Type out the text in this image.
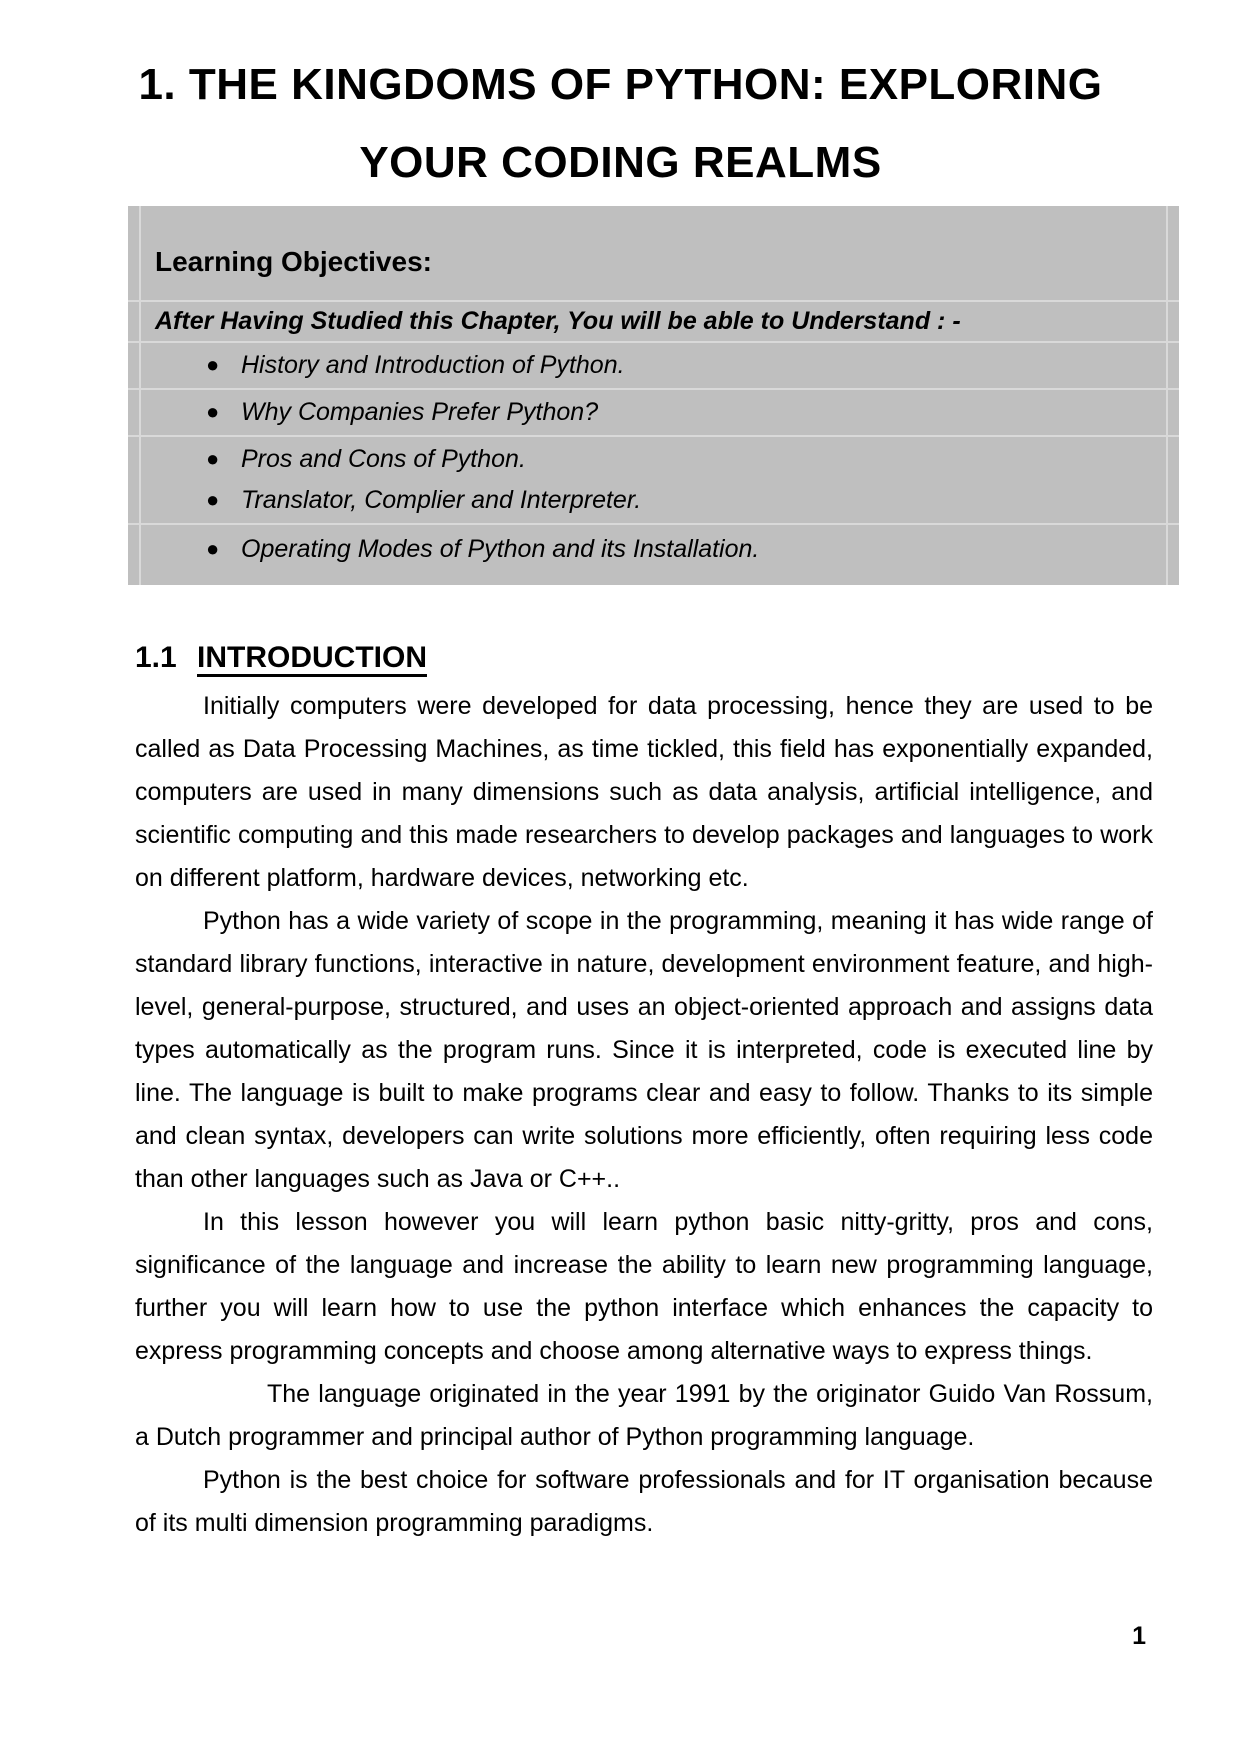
1. THE KINGDOMS OF PYTHON: EXPLORING
YOUR CODING REALMS
Learning Objectives:
After Having Studied this Chapter, You will be able to Understand : -
● History and Introduction of Python.
● Why Companies Prefer Python?
● Pros and Cons of Python.
● Translator, Complier and Interpreter.
● Operating Modes of Python and its Installation.
1.1 INTRODUCTION

Initially computers were developed for data processing, hence they are used to be called as Data Processing Machines, as time tickled, this field has exponentially expanded, computers are used in many dimensions such as data analysis, artificial intelligence, and scientific computing and this made researchers to develop packages and languages to work on different platform, hardware devices, networking etc.

Python has a wide variety of scope in the programming, meaning it has wide range of standard library functions, interactive in nature, development environment feature, and high-level, general-purpose, structured, and uses an object-oriented approach and assigns data types automatically as the program runs. Since it is interpreted, code is executed line by line. The language is built to make programs clear and easy to follow. Thanks to its simple and clean syntax, developers can write solutions more efficiently, often requiring less code than other languages such as Java or C++..

In this lesson however you will learn python basic nitty-gritty, pros and cons, significance of the language and increase the ability to learn new programming language, further you will learn how to use the python interface which enhances the capacity to express programming concepts and choose among alternative ways to express things.

The language originated in the year 1991 by the originator Guido Van Rossum, a Dutch programmer and principal author of Python programming language.

Python is the best choice for software professionals and for IT organisation because of its multi dimension programming paradigms.

1
